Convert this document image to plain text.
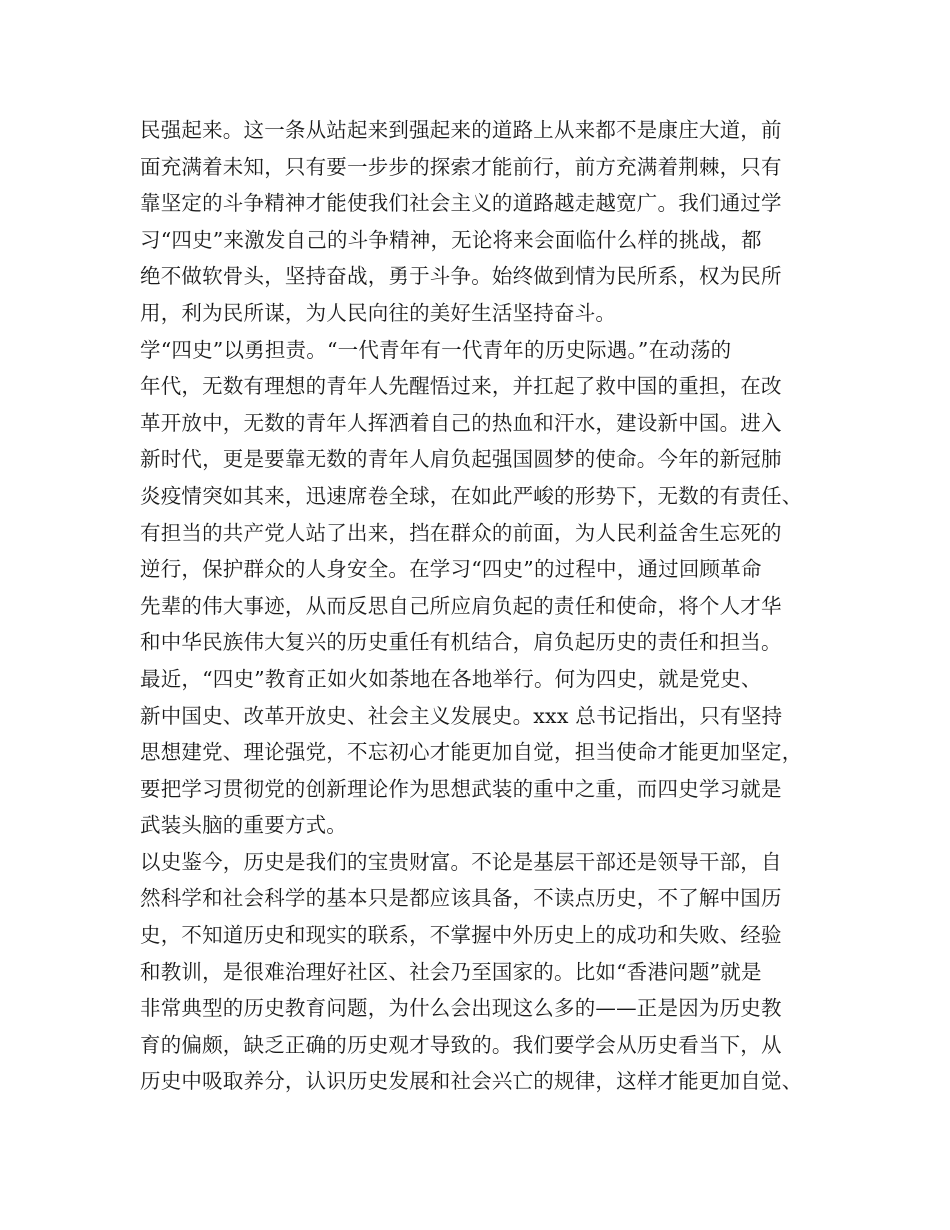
民强起来。这一条从站起来到强起来的道路上从来都不是康庄大道，前
面充满着未知，只有要一步步的探索才能前行，前方充满着荆棘，只有
靠坚定的斗争精神才能使我们社会主义的道路越走越宽广。我们通过学
习“四史”来激发自己的斗争精神，无论将来会面临什么样的挑战，都
绝不做软骨头，坚持奋战，勇于斗争。始终做到情为民所系，权为民所
用，利为民所谋，为人民向往的美好生活坚持奋斗。
学“四史”以勇担责。“一代青年有一代青年的历史际遇。”在动荡的
年代，无数有理想的青年人先醒悟过来，并扛起了救中国的重担，在改
革开放中，无数的青年人挥洒着自己的热血和汗水，建设新中国。进入
新时代，更是要靠无数的青年人肩负起强国圆梦的使命。今年的新冠肺
炎疫情突如其来，迅速席卷全球，在如此严峻的形势下，无数的有责任、
有担当的共产党人站了出来，挡在群众的前面，为人民利益舍生忘死的
逆行，保护群众的人身安全。在学习“四史”的过程中，通过回顾革命
先辈的伟大事迹，从而反思自己所应肩负起的责任和使命，将个人才华
和中华民族伟大复兴的历史重任有机结合，肩负起历史的责任和担当。
最近，“四史”教育正如火如荼地在各地举行。何为四史，就是党史、
新中国史、改革开放史、社会主义发展史。xxx 总书记指出，只有坚持
思想建党、理论强党，不忘初心才能更加自觉，担当使命才能更加坚定，
要把学习贯彻党的创新理论作为思想武装的重中之重，而四史学习就是
武装头脑的重要方式。
以史鉴今，历史是我们的宝贵财富。不论是基层干部还是领导干部，自
然科学和社会科学的基本只是都应该具备，不读点历史，不了解中国历
史，不知道历史和现实的联系，不掌握中外历史上的成功和失败、经验
和教训，是很难治理好社区、社会乃至国家的。比如“香港问题”就是
非常典型的历史教育问题，为什么会出现这么多的——正是因为历史教
育的偏颇，缺乏正确的历史观才导致的。我们要学会从历史看当下，从
历史中吸取养分，认识历史发展和社会兴亡的规律，这样才能更加自觉、
